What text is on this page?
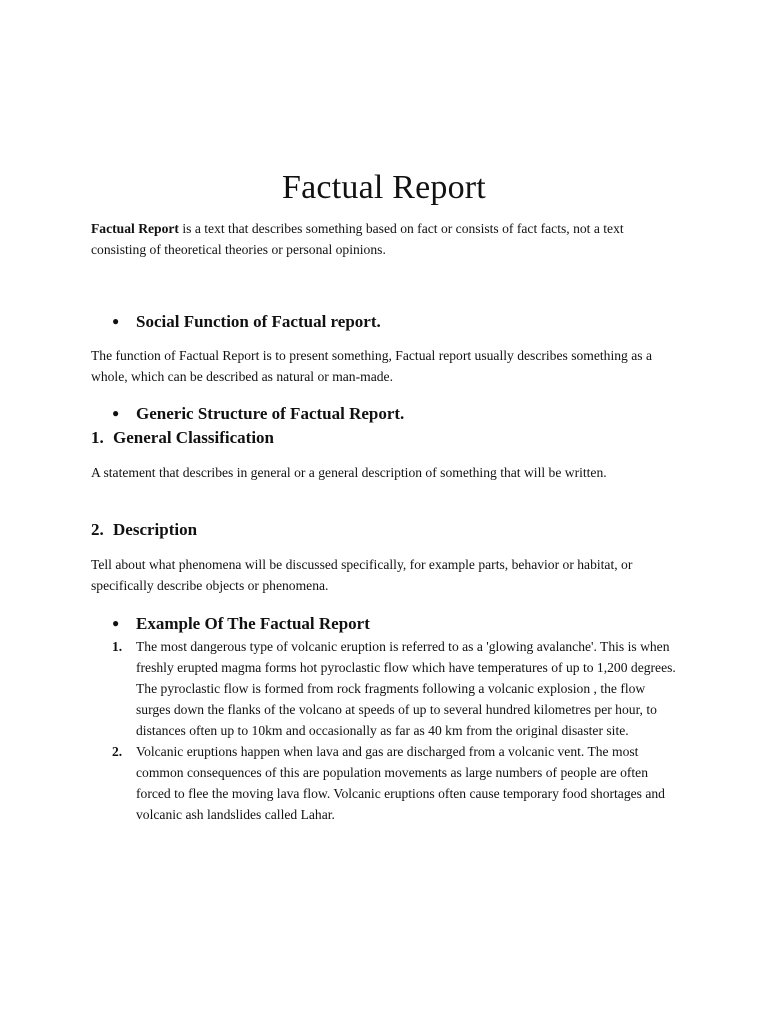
Factual Report

Factual Report is a text that describes something based on fact or consists of fact facts, not a text consisting of theoretical theories or personal opinions.

● Social Function of Factual report.

The function of Factual Report is to present something, Factual report usually describes something as a whole, which can be described as natural or man-made.

● Generic Structure of Factual Report.
1. General Classification

A statement that describes in general or a general description of something that will be written.

2. Description

Tell about what phenomena will be discussed specifically, for example parts, behavior or habitat, or specifically describe objects or phenomena.

● Example Of The Factual Report
1. The most dangerous type of volcanic eruption is referred to as a 'glowing avalanche'. This is when freshly erupted magma forms hot pyroclastic flow which have temperatures of up to 1,200 degrees. The pyroclastic flow is formed from rock fragments following a volcanic explosion , the flow surges down the flanks of the volcano at speeds of up to several hundred kilometres per hour, to distances often up to 10km and occasionally as far as 40 km from the original disaster site.
2. Volcanic eruptions happen when lava and gas are discharged from a volcanic vent. The most common consequences of this are population movements as large numbers of people are often forced to flee the moving lava flow. Volcanic eruptions often cause temporary food shortages and volcanic ash landslides called Lahar.
